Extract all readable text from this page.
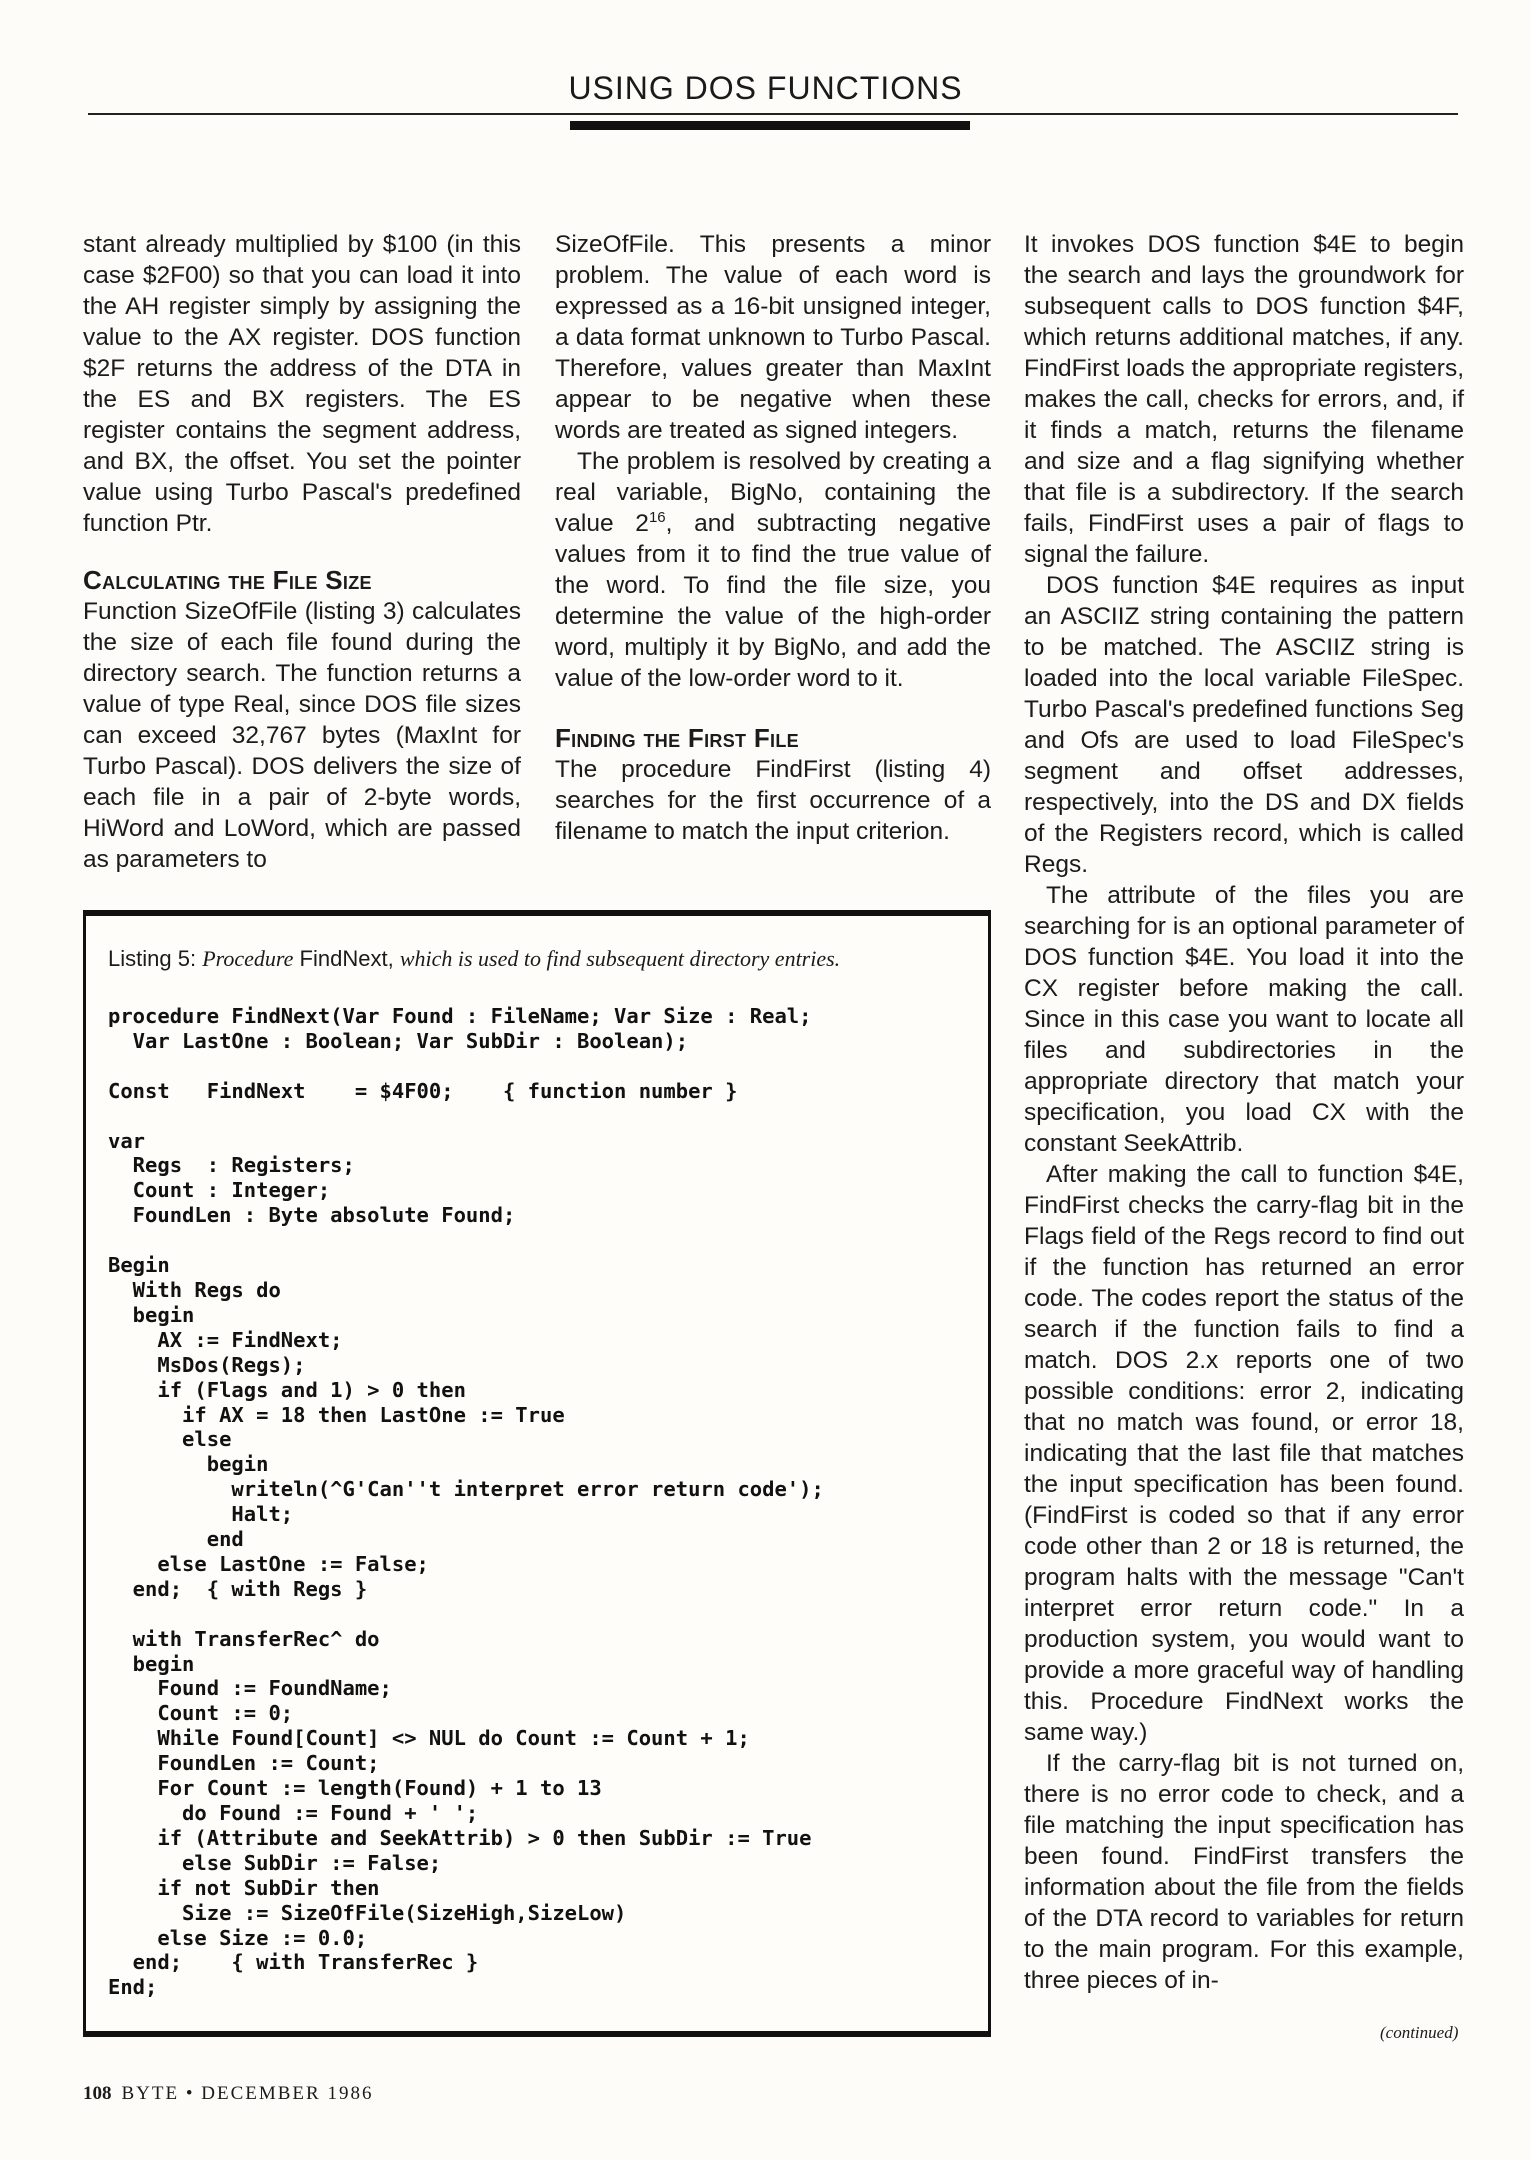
USING DOS FUNCTIONS

stant already multiplied by $100 (in this case $2F00) so that you can load it into the AH register simply by assigning the value to the AX register. DOS function $2F returns the address of the DTA in the ES and BX registers. The ES register contains the segment address, and BX, the offset. You set the pointer value using Turbo Pascal's predefined function Ptr.

Calculating the File Size

Function SizeOfFile (listing 3) calculates the size of each file found during the directory search. The function returns a value of type Real, since DOS file sizes can exceed 32,767 bytes (MaxInt for Turbo Pascal). DOS delivers the size of each file in a pair of 2-byte words, HiWord and LoWord, which are passed as parameters to

SizeOfFile. This presents a minor problem. The value of each word is expressed as a 16-bit unsigned integer, a data format unknown to Turbo Pascal. Therefore, values greater than MaxInt appear to be negative when these words are treated as signed integers.

The problem is resolved by creating a real variable, BigNo, containing the value $2^{16}$, and subtracting negative values from it to find the true value of the word. To find the file size, you determine the value of the high-order word, multiply it by BigNo, and add the value of the low-order word to it.

Finding the First File

The procedure FindFirst (listing 4) searches for the first occurrence of a filename to match the input criterion.

It invokes DOS function $4E to begin the search and lays the groundwork for subsequent calls to DOS function $4F, which returns additional matches, if any. FindFirst loads the appropriate registers, makes the call, checks for errors, and, if it finds a match, returns the filename and size and a flag signifying whether that file is a subdirectory. If the search fails, FindFirst uses a pair of flags to signal the failure.

DOS function $4E requires as input an ASCIIZ string containing the pattern to be matched. The ASCIIZ string is loaded into the local variable FileSpec. Turbo Pascal's predefined functions Seg and Ofs are used to load FileSpec's segment and offset addresses, respectively, into the DS and DX fields of the Registers record, which is called Regs.

The attribute of the files you are searching for is an optional parameter of DOS function $4E. You load it into the CX register before making the call. Since in this case you want to locate all files and subdirectories in the appropriate directory that match your specification, you load CX with the constant SeekAttrib.

After making the call to function $4E, FindFirst checks the carry-flag bit in the Flags field of the Regs record to find out if the function has returned an error code. The codes report the status of the search if the function fails to find a match. DOS 2.x reports one of two possible conditions: error 2, indicating that no match was found, or error 18, indicating that the last file that matches the input specification has been found. (FindFirst is coded so that if any error code other than 2 or 18 is returned, the program halts with the message "Can't interpret error return code." In a production system, you would want to provide a more graceful way of handling this. Procedure FindNext works the same way.)

If the carry-flag bit is not turned on, there is no error code to check, and a file matching the input specification has been found. FindFirst transfers the information about the file from the fields of the DTA record to variables for return to the main program. For this example, three pieces of in-

(continued)
Listing 5: Procedure FindNext, which is used to find subsequent directory entries.
procedure FindNext(Var Found : FileName; Var Size : Real;
Var LastOne : Boolean; Var SubDir : Boolean);

Const   FindNext    = $4F00;    { function number }

var
Regs  : Registers;
Count : Integer;
FoundLen : Byte absolute Found;

Begin
With Regs do
begin
AX := FindNext;
MsDos(Regs);
if (Flags and 1) > 0 then
if AX = 18 then LastOne := True
else
begin
writeln(^G'Can''t interpret error return code');
Halt;
end
else LastOne := False;
end;  { with Regs }

with TransferRec^ do
begin
Found := FoundName;
Count := 0;
While Found[Count] <> NUL do Count := Count + 1;
FoundLen := Count;
For Count := length(Found) + 1 to 13
do Found := Found + ' ';
if (Attribute and SeekAttrib) > 0 then SubDir := True
else SubDir := False;
if not SubDir then
Size := SizeOfFile(SizeHigh,SizeLow)
else Size := 0.0;
end;    { with TransferRec }
End;
108 BYTE • DECEMBER 1986
